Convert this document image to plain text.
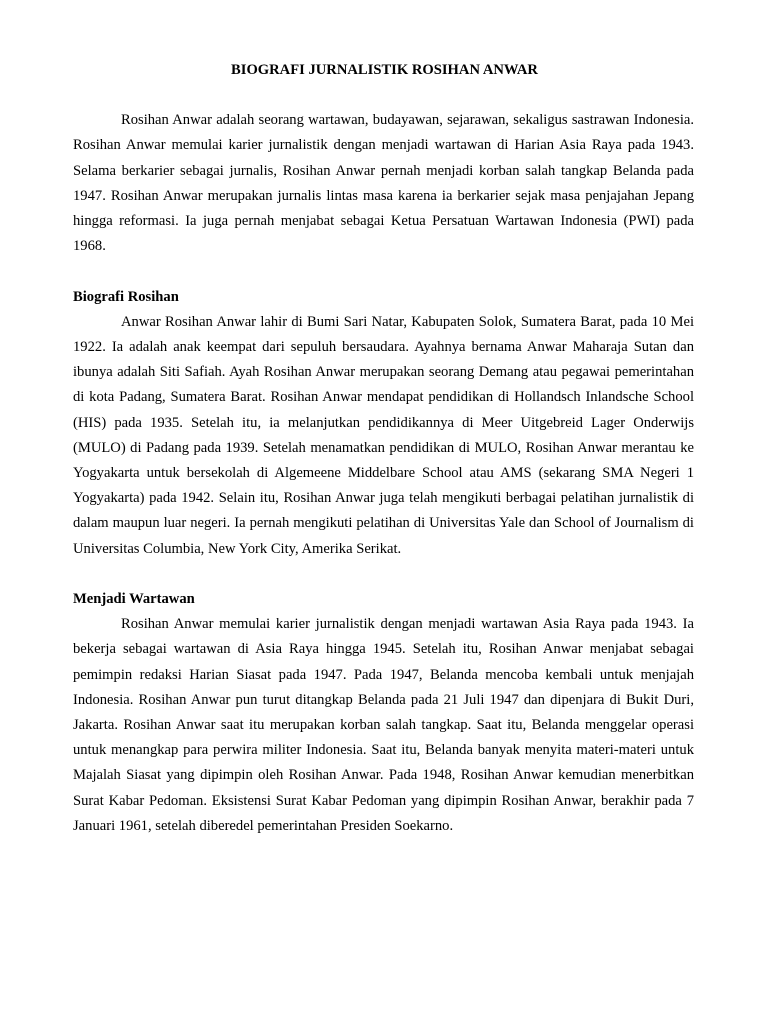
BIOGRAFI JURNALISTIK ROSIHAN ANWAR

Rosihan Anwar adalah seorang wartawan, budayawan, sejarawan, sekaligus sastrawan Indonesia. Rosihan Anwar memulai karier jurnalistik dengan menjadi wartawan di Harian Asia Raya pada 1943. Selama berkarier sebagai jurnalis, Rosihan Anwar pernah menjadi korban salah tangkap Belanda pada 1947. Rosihan Anwar merupakan jurnalis lintas masa karena ia berkarier sejak masa penjajahan Jepang hingga reformasi. Ia juga pernah menjabat sebagai Ketua Persatuan Wartawan Indonesia (PWI) pada 1968.

Biografi Rosihan

Anwar Rosihan Anwar lahir di Bumi Sari Natar, Kabupaten Solok, Sumatera Barat, pada 10 Mei 1922. Ia adalah anak keempat dari sepuluh bersaudara. Ayahnya bernama Anwar Maharaja Sutan dan ibunya adalah Siti Safiah. Ayah Rosihan Anwar merupakan seorang Demang atau pegawai pemerintahan di kota Padang, Sumatera Barat. Rosihan Anwar mendapat pendidikan di Hollandsch Inlandsche School (HIS) pada 1935. Setelah itu, ia melanjutkan pendidikannya di Meer Uitgebreid Lager Onderwijs (MULO) di Padang pada 1939. Setelah menamatkan pendidikan di MULO, Rosihan Anwar merantau ke Yogyakarta untuk bersekolah di Algemeene Middelbare School atau AMS (sekarang SMA Negeri 1 Yogyakarta) pada 1942. Selain itu, Rosihan Anwar juga telah mengikuti berbagai pelatihan jurnalistik di dalam maupun luar negeri. Ia pernah mengikuti pelatihan di Universitas Yale dan School of Journalism di Universitas Columbia, New York City, Amerika Serikat.

Menjadi Wartawan

Rosihan Anwar memulai karier jurnalistik dengan menjadi wartawan Asia Raya pada 1943. Ia bekerja sebagai wartawan di Asia Raya hingga 1945. Setelah itu, Rosihan Anwar menjabat sebagai pemimpin redaksi Harian Siasat pada 1947. Pada 1947, Belanda mencoba kembali untuk menjajah Indonesia. Rosihan Anwar pun turut ditangkap Belanda pada 21 Juli 1947 dan dipenjara di Bukit Duri, Jakarta. Rosihan Anwar saat itu merupakan korban salah tangkap. Saat itu, Belanda menggelar operasi untuk menangkap para perwira militer Indonesia. Saat itu, Belanda banyak menyita materi-materi untuk Majalah Siasat yang dipimpin oleh Rosihan Anwar. Pada 1948, Rosihan Anwar kemudian menerbitkan Surat Kabar Pedoman. Eksistensi Surat Kabar Pedoman yang dipimpin Rosihan Anwar, berakhir pada 7 Januari 1961, setelah diberedel pemerintahan Presiden Soekarno.
